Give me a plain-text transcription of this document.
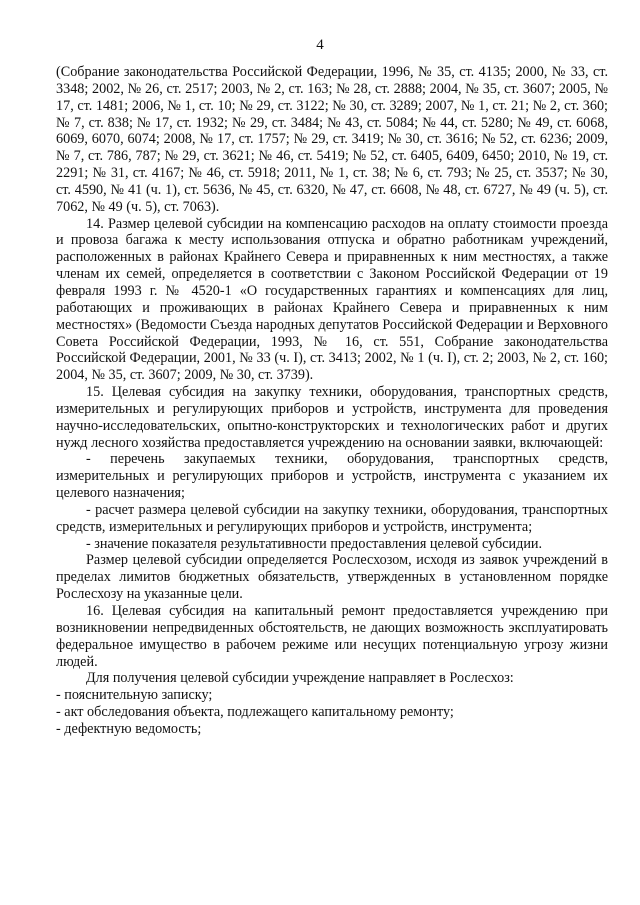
4

(Собрание законодательства Российской Федерации, 1996, № 35, ст. 4135; 2000, № 33, ст. 3348; 2002, № 26, ст. 2517; 2003, № 2, ст. 163; № 28, ст. 2888; 2004, № 35, ст. 3607; 2005, № 17, ст. 1481; 2006, № 1, ст. 10; № 29, ст. 3122; № 30, ст. 3289; 2007, № 1, ст. 21; № 2, ст. 360; № 7, ст. 838; № 17, ст. 1932; № 29, ст. 3484; № 43, ст. 5084; № 44, ст. 5280; № 49, ст. 6068, 6069, 6070, 6074; 2008, № 17, ст. 1757; № 29, ст. 3419; № 30, ст. 3616; № 52, ст. 6236; 2009, № 7, ст. 786, 787; № 29, ст. 3621; № 46, ст. 5419; № 52, ст. 6405, 6409, 6450; 2010, № 19, ст. 2291; № 31, ст. 4167; № 46, ст. 5918; 2011, № 1, ст. 38; № 6, ст. 793; № 25, ст. 3537; № 30, ст. 4590, № 41 (ч. 1), ст. 5636, № 45, ст. 6320, № 47, ст. 6608, № 48, ст. 6727, № 49 (ч. 5), ст. 7062, № 49 (ч. 5), ст. 7063).

14. Размер целевой субсидии на компенсацию расходов на оплату стоимости проезда и провоза багажа к месту использования отпуска и обратно работникам учреждений, расположенных в районах Крайнего Севера и приравненных к ним местностях, а также членам их семей, определяется в соответствии с Законом Российской Федерации от 19 февраля 1993 г. № 4520-1 «О государственных гарантиях и компенсациях для лиц, работающих и проживающих в районах Крайнего Севера и приравненных к ним местностях» (Ведомости Съезда народных депутатов Российской Федерации и Верховного Совета Российской Федерации, 1993, № 16, ст. 551, Собрание законодательства Российской Федерации, 2001, № 33 (ч. I), ст. 3413; 2002, № 1 (ч. I), ст. 2; 2003, № 2, ст. 160; 2004, № 35, ст. 3607; 2009, № 30, ст. 3739).

15. Целевая субсидия на закупку техники, оборудования, транспортных средств, измерительных и регулирующих приборов и устройств, инструмента для проведения научно-исследовательских, опытно-конструкторских и технологических работ и других нужд лесного хозяйства предоставляется учреждению на основании заявки, включающей:

- перечень закупаемых техники, оборудования, транспортных средств, измерительных и регулирующих приборов и устройств, инструмента с указанием их целевого назначения;

- расчет размера целевой субсидии на закупку техники, оборудования, транспортных средств, измерительных и регулирующих приборов и устройств, инструмента;

- значение показателя результативности предоставления целевой субсидии.

Размер целевой субсидии определяется Рослесхозом, исходя из заявок учреждений в пределах лимитов бюджетных обязательств, утвержденных в установленном порядке Рослесхозу на указанные цели.

16. Целевая субсидия на капитальный ремонт предоставляется учреждению при возникновении непредвиденных обстоятельств, не дающих возможность эксплуатировать федеральное имущество в рабочем режиме или несущих потенциальную угрозу жизни людей.

Для получения целевой субсидии учреждение направляет в Рослесхоз:

- пояснительную записку;

- акт обследования объекта, подлежащего капитальному ремонту;

- дефектную ведомость;
